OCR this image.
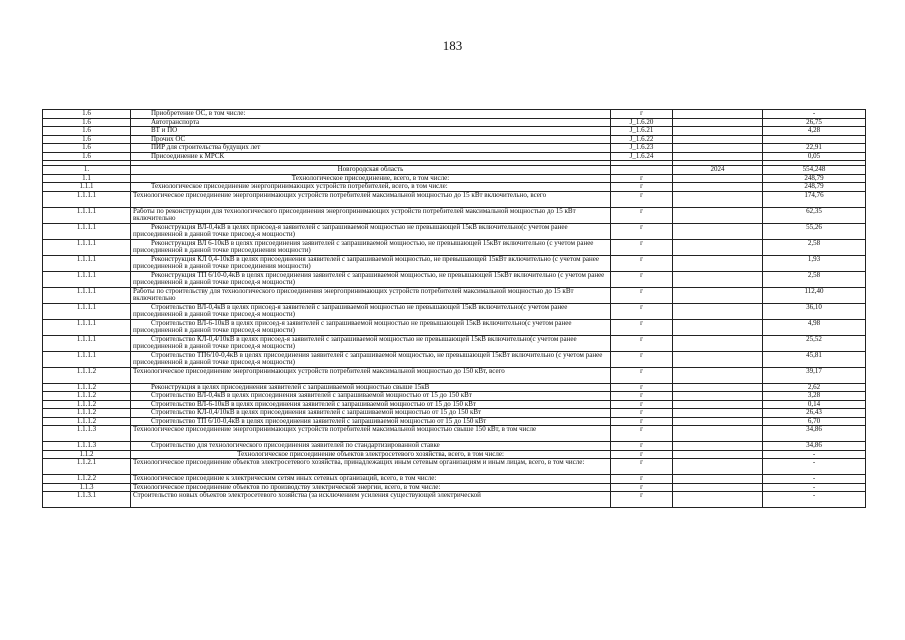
183
1.6	Приобретение ОС, в том числе:	г		-
1.6	Автотранспорта	J_1.6.20		26,75
1.6	ВТ и ПО	J_1.6.21		4,28
1.6	Прочих ОС	J_1.6.22		
1.6	ПИР для строительства будущих лет	J_1.6.23		22,91
1.6	Присоединение к МРСК	J_1.6.24		0,05

1.	Новгородская область		2024	554,248
1.1	Технологическое присоединение, всего, в том числе:	г		248,79
1.1.1	Технологическое присоединение энергопринимающих устройств потребителей, всего, в том числе:	г		248,79
1.1.1.1	Технологическое присоединение энергопринимающих устройств потребителей максимальной мощностью до 15 кВт включительно, всего	г		174,76
1.1.1.1	Работы по реконструкции для технологического присоединения энергопринимающих устройств потребителей максимальной мощностью до 15 кВт включительно	г		62,35
1.1.1.1	Реконструкция ВЛ-0,4кВ в целях присоед-я заявителей с запрашиваемой мощностью не превышающей 15кВ включительно(с учетом ранее присоединенной в данной точке присоед-я мощности)	г		55,26
1.1.1.1	Реконструкция ВЛ 6-10кВ в целях присоединения заявителей с запрашиваемой мощностью, не превышающей 15кВт включительно (с учетом ранее присоединенной в данной точке присоединения мощности)	г		2,58
1.1.1.1	Реконструкция КЛ 0,4-10кВ в целях присоединения заявителей с запрашиваемой мощностью, не превышающей 15кВт включительно (с учетом ранее присоединенной в данной точке присоединения мощности)	г		1,93
1.1.1.1	Реконструкция ТП 6/10-0,4кВ в целях присоединения заявителей с запрашиваемой мощностью, не превышающей 15кВт включительно (с учетом ранее присоединенной в данной точке присоед-я мощности)	г		2,58
1.1.1.1	Работы по строительству для технологического присоединения энергопринимающих устройств потребителей максимальной мощностью до 15 кВт включительно	г		112,40
1.1.1.1	Строительство ВЛ-0,4кВ в целях присоед-я заявителей с запрашиваемой мощностью не превышающей 15кВ включительно(с учетом ранее присоединенной в данной точке присоед-я мощности)	г		36,10
1.1.1.1	Строительство ВЛ-6-10кВ в целях присоед-я заявителей с запрашиваемой мощностью не превышающей 15кВ включительно(с учетом ранее присоединенной в данной точке присоед-я мощности)	г		4,98
1.1.1.1	Строительство КЛ-0,4/10кВ в целях присоед-я заявителей с запрашиваемой мощностью не превышающей 15кВ включительно(с учетом ранее присоединенной в данной точке присоед-я мощности)	г		25,52
1.1.1.1	Строительство ТП6/10-0,4кВ в целях присоединения заявителей с запрашиваемой мощностью, не превышающей 15кВт включительно (с учетом ранее присоединенной в данной точке присоед-я мощности)	г		45,81
1.1.1.2	Технологическое присоединение энергопринимающих устройств потребителей максимальной мощностью до 150 кВт, всего	г		39,17
1.1.1.2	Реконструкция в целях присоединения заявителей с запрашиваемой мощностью свыше 15кВ	г		2,62
1.1.1.2	Строительство ВЛ-0,4кВ в целях присоединения заявителей с запрашиваемой мощностью от 15 до 150 кВт	г		3,28
1.1.1.2	Строительство ВЛ-6-10кВ в целях присоединения заявителей с запрашиваемой мощностью от 15 до 150 кВт	г		0,14
1.1.1.2	Строительство КЛ-0,4/10кВ в целях присоединения заявителей с запрашиваемой мощностью от 15 до 150 кВт	г		26,43
1.1.1.2	Строительство ТП 6/10-0,4кВ в целях присоединения заявителей с запрашиваемой мощностью от 15 до 150 кВт	г		6,70
1.1.1.3	Технологическое присоединение энергопринимающих устройств потребителей максимальной мощностью свыше 150 кВт, в том числе	г		34,86
1.1.1.3	Строительство для технологического присоединения заявителей по стандартизированной ставке	г		34,86
1.1.2	Технологическое присоединение объектов электросетевого хозяйства, всего, в том числе:	г		-
1.1.2.1	Технологическое присоединение объектов электросетевого хозяйства, принадлежащих иным сетевым организациям и иным лицам, всего, в том числе:	г		-
1.1.2.2	Технологическое присоединие к электрическим сетям иных сетевых организаций, всего, в том числе:	г		-
1.1.3	Технологическое присоединение объектов по производству электрической энергии, всего, в том числе:	г		-
1.1.3.1	Строительство новых объектов электросетевого хозяйства (за исключением усиления существующей электрической	г		-
